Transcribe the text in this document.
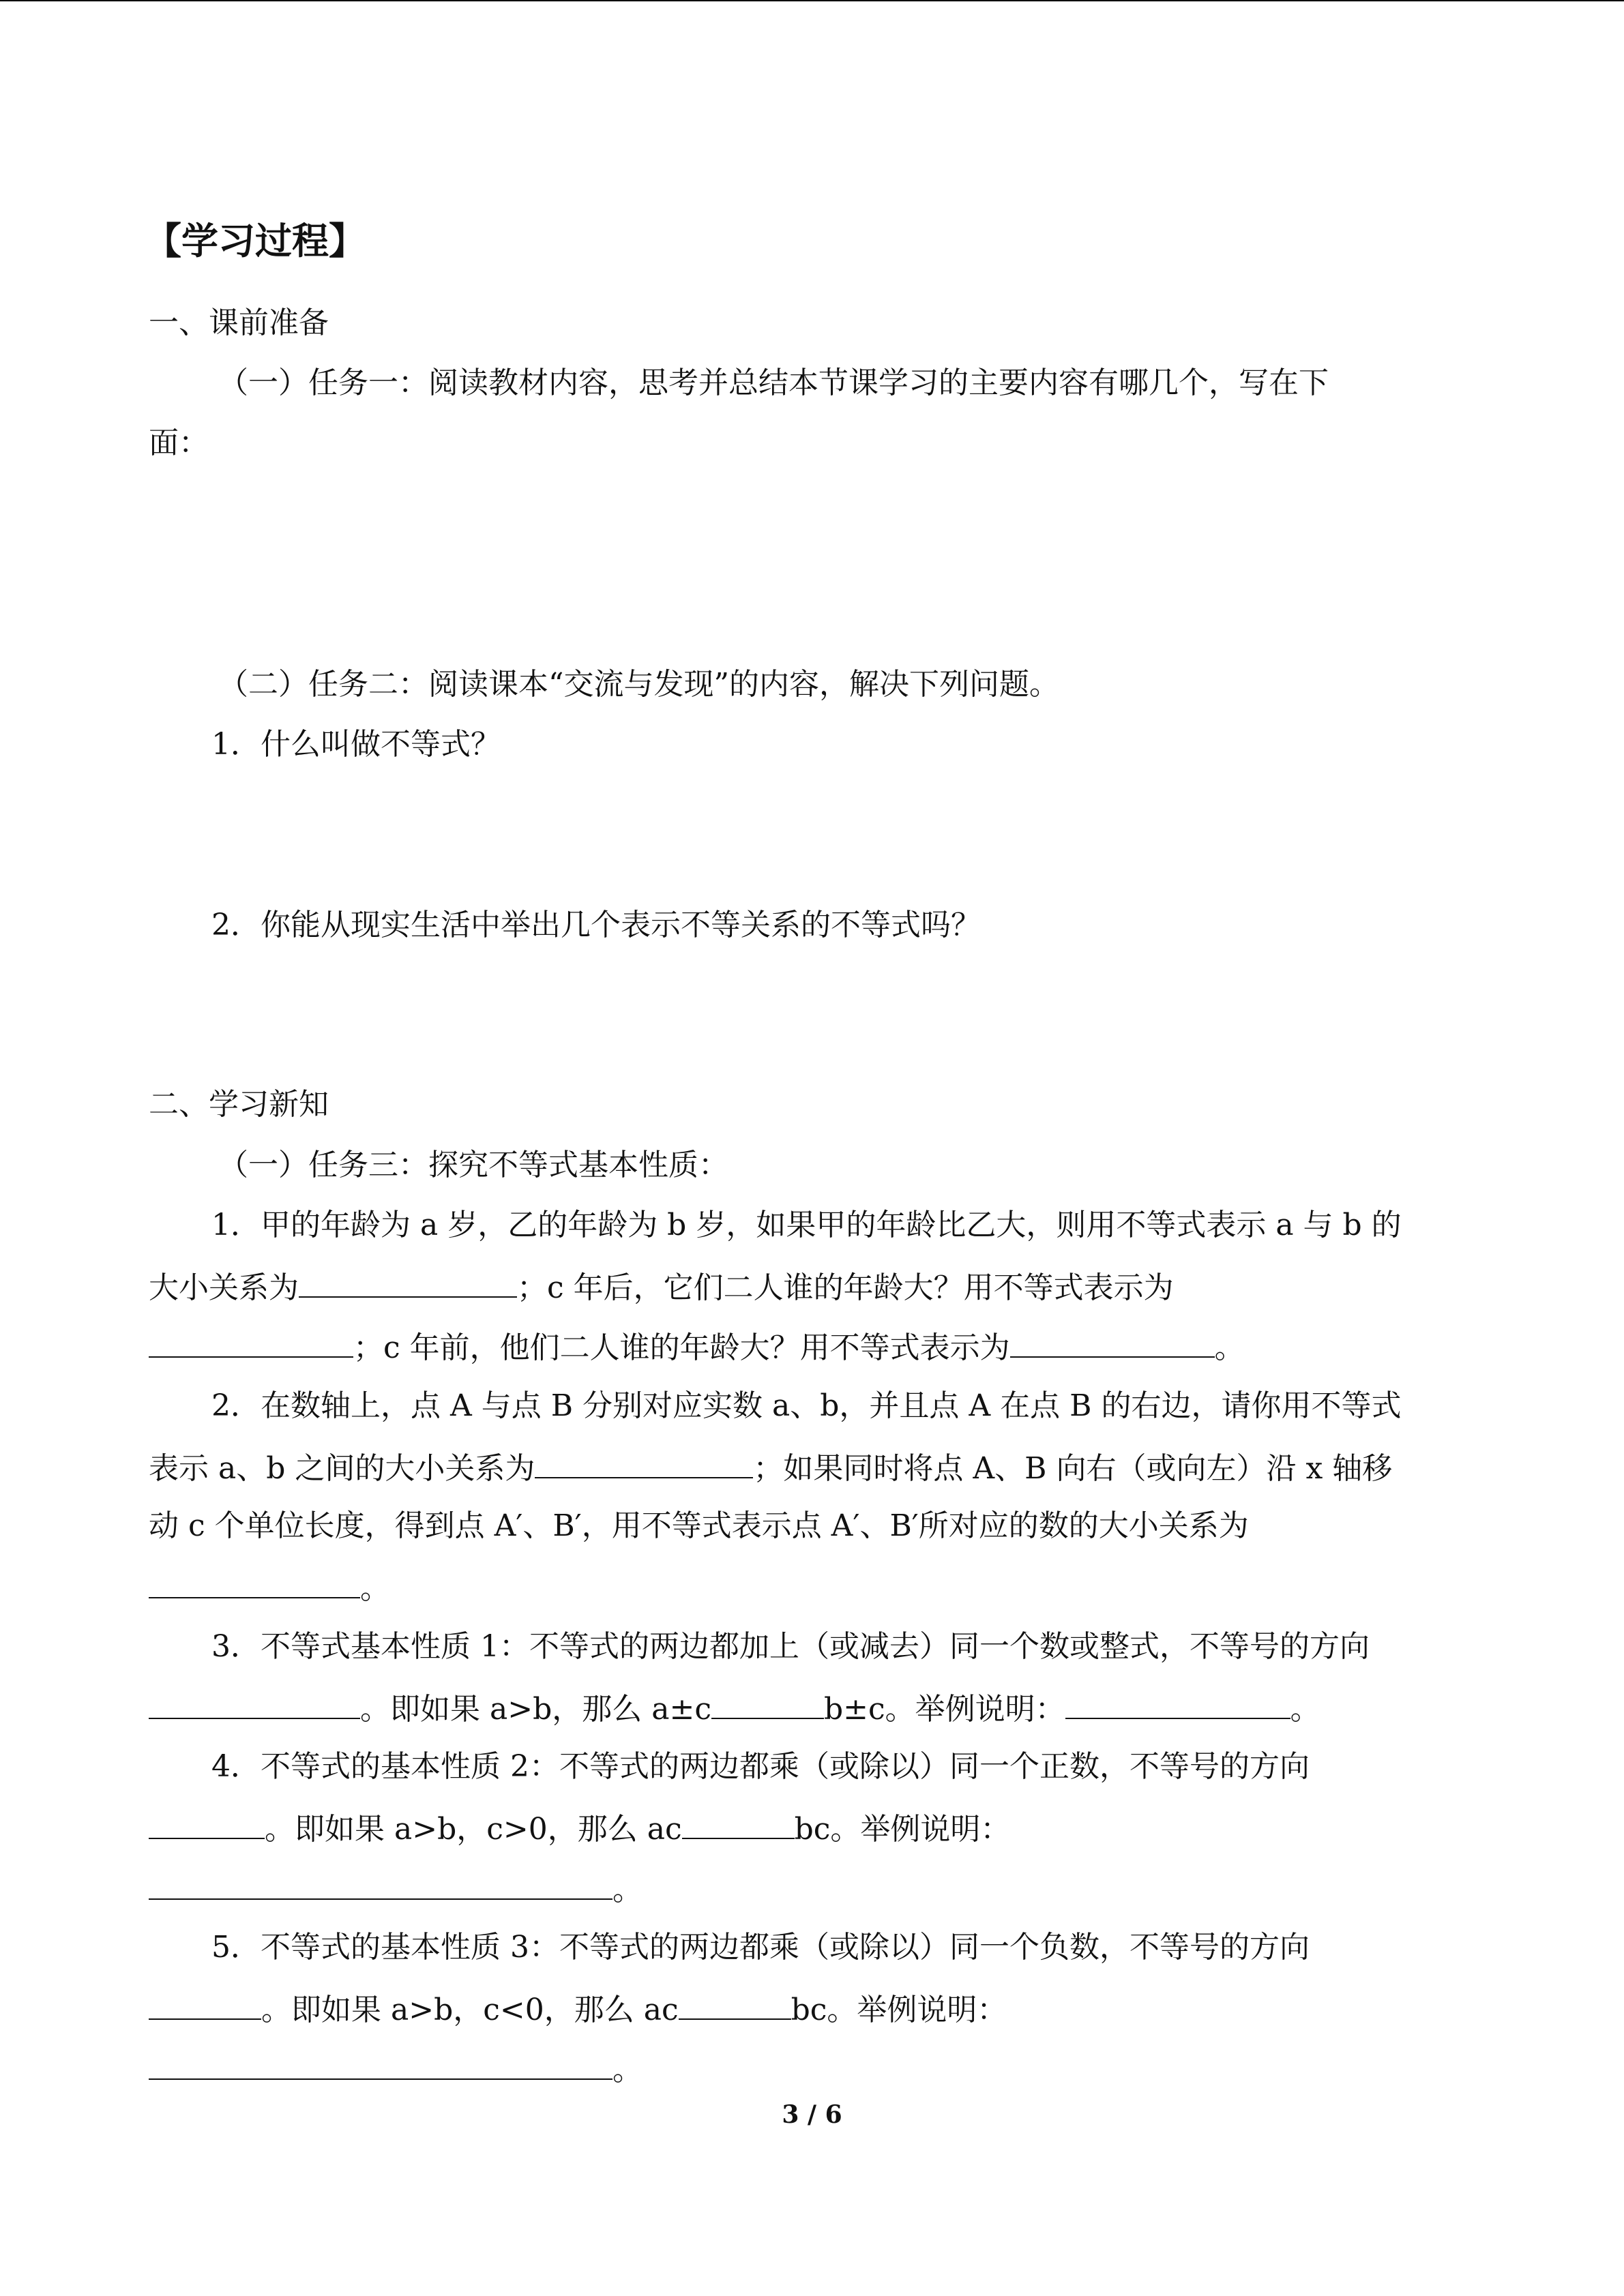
【学习过程】
一、课前准备
（一）任务一：阅读教材内容，思考并总结本节课学习的主要内容有哪几个，写在下
面：
（二）任务二：阅读课本“交流与发现”的内容，解决下列问题。
1．什么叫做不等式？
2．你能从现实生活中举出几个表示不等关系的不等式吗？
二、学习新知
（一）任务三：探究不等式基本性质：
1．甲的年龄为 a 岁，乙的年龄为 b 岁，如果甲的年龄比乙大，则用不等式表示 a 与 b 的
大小关系为	；c 年后，它们二人谁的年龄大？用不等式表示为
；c 年前，他们二人谁的年龄大？用不等式表示为	。
2．在数轴上，点 A 与点 B 分别对应实数 a、b，并且点 A 在点 B 的右边，请你用不等式
表示 a、b 之间的大小关系为	；如果同时将点 A、B 向右（或向左）沿 x 轴移
动 c 个单位长度，得到点 A′、B′，用不等式表示点 A′、B′所对应的数的大小关系为
。
3．不等式基本性质 1：不等式的两边都加上（或减去）同一个数或整式，不等号的方向
。即如果 a>b，那么 a±c	b±c。举例说明：	。
4．不等式的基本性质 2：不等式的两边都乘（或除以）同一个正数，不等号的方向
。即如果 a>b，c>0，那么 ac	bc。举例说明：
。
5．不等式的基本性质 3：不等式的两边都乘（或除以）同一个负数，不等号的方向
。即如果 a>b，c<0，那么 ac	bc。举例说明：
。
3 / 6
